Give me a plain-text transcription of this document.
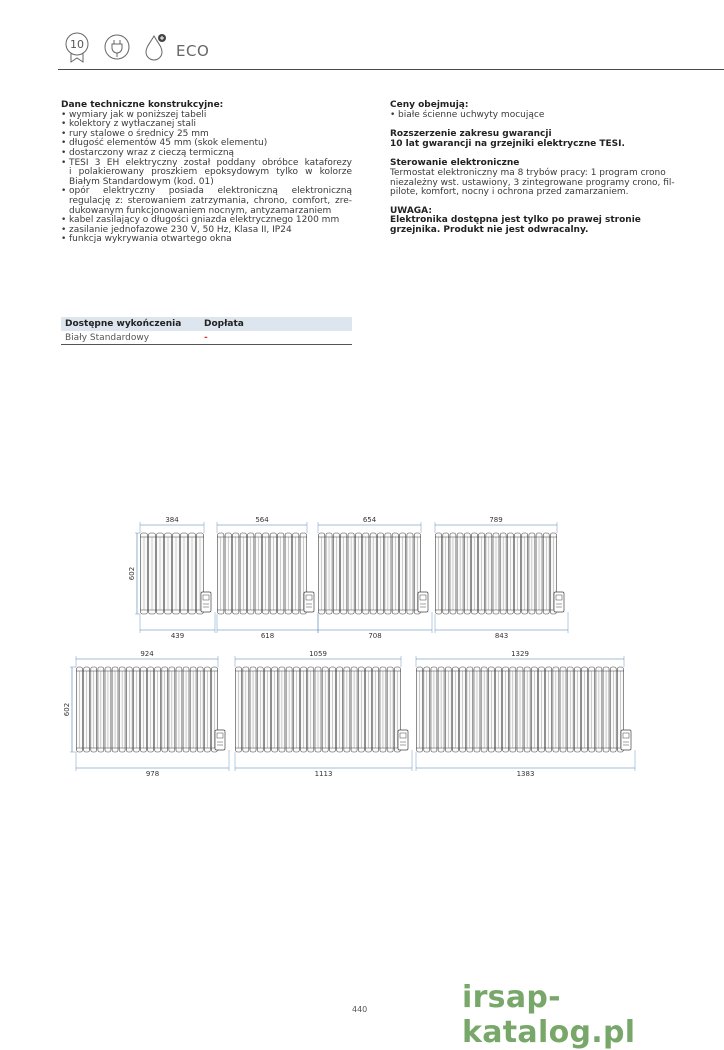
10	ECO

Dane techniczne konstrukcyjne:

• wymiary jak w poniższej tabeli
• kolektory z wytłaczanej stali
• rury stalowe o średnicy 25 mm
• długość elementów 45 mm (skok elementu)
• dostarczony wraz z cieczą termiczną
• TESI 3 EH elektryczny został poddany obróbce kataforezy
i polakierowany proszkiem epoksydowym tylko w kolorze
Białym Standardowym (kod. 01)
• opór elektryczny posiada elektroniczną elektroniczną
regulację z: sterowaniem zatrzymania, chrono, comfort, zre-
dukowanym funkcjonowaniem nocnym, antyzamarzaniem
• kabel zasilający o długości gniazda elektrycznego 1200 mm
• zasilanie jednofazowe 230 V, 50 Hz, Klasa II, IP24
• funkcja wykrywania otwartego okna

Ceny obejmują:

• białe ścienne uchwyty mocujące

Rozszerzenie zakresu gwarancji

10 lat gwarancji na grzejniki elektryczne TESI.

Sterowanie elektroniczne

Termostat elektroniczny ma 8 trybów pracy: 1 program crono

niezależny wst. ustawiony, 3 zintegrowane programy crono, fil-

pilote, komfort, nocny i ochrona przed zamarzaniem.

UWAGA:

Elektronika dostępna jest tylko po prawej stronie

grzejnika. Produkt nie jest odwracalny.

Dostępne wykończenia	Dopłata
Biały Standardowy	-
384
439
602
564
618
654
708
789
843
924
978
602
1059
1113
1329
1383
440	irsap-katalog.pl
